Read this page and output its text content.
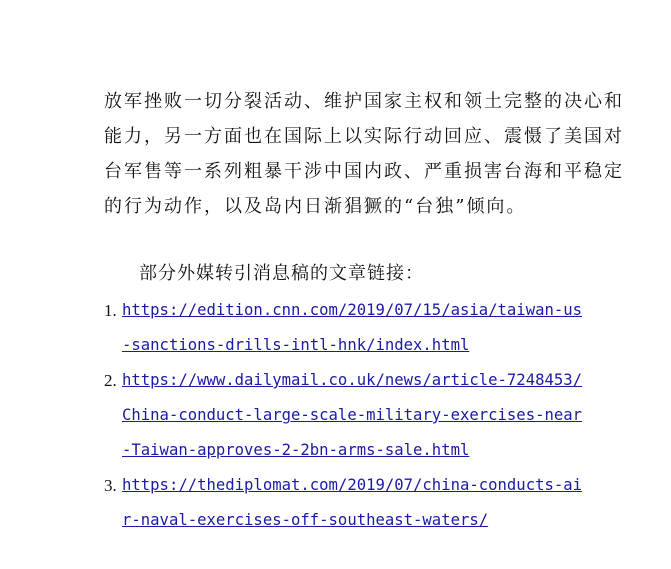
放军挫败一切分裂活动、维护国家主权和领土完整的决心和
能力，另一方面也在国际上以实际行动回应、震慑了美国对
台军售等一系列粗暴干涉中国内政、严重损害台海和平稳定
的行为动作，以及岛内日渐猖獗的“台独”倾向。

部分外媒转引消息稿的文章链接：

1. https://edition.cnn.com/2019/07/15/asia/taiwan-us
-sanctions-drills-intl-hnk/index.html
2. https://www.dailymail.co.uk/news/article-7248453/
China-conduct-large-scale-military-exercises-near
-Taiwan-approves-2-2bn-arms-sale.html
3. https://thediplomat.com/2019/07/china-conducts-ai
r-naval-exercises-off-southeast-waters/
